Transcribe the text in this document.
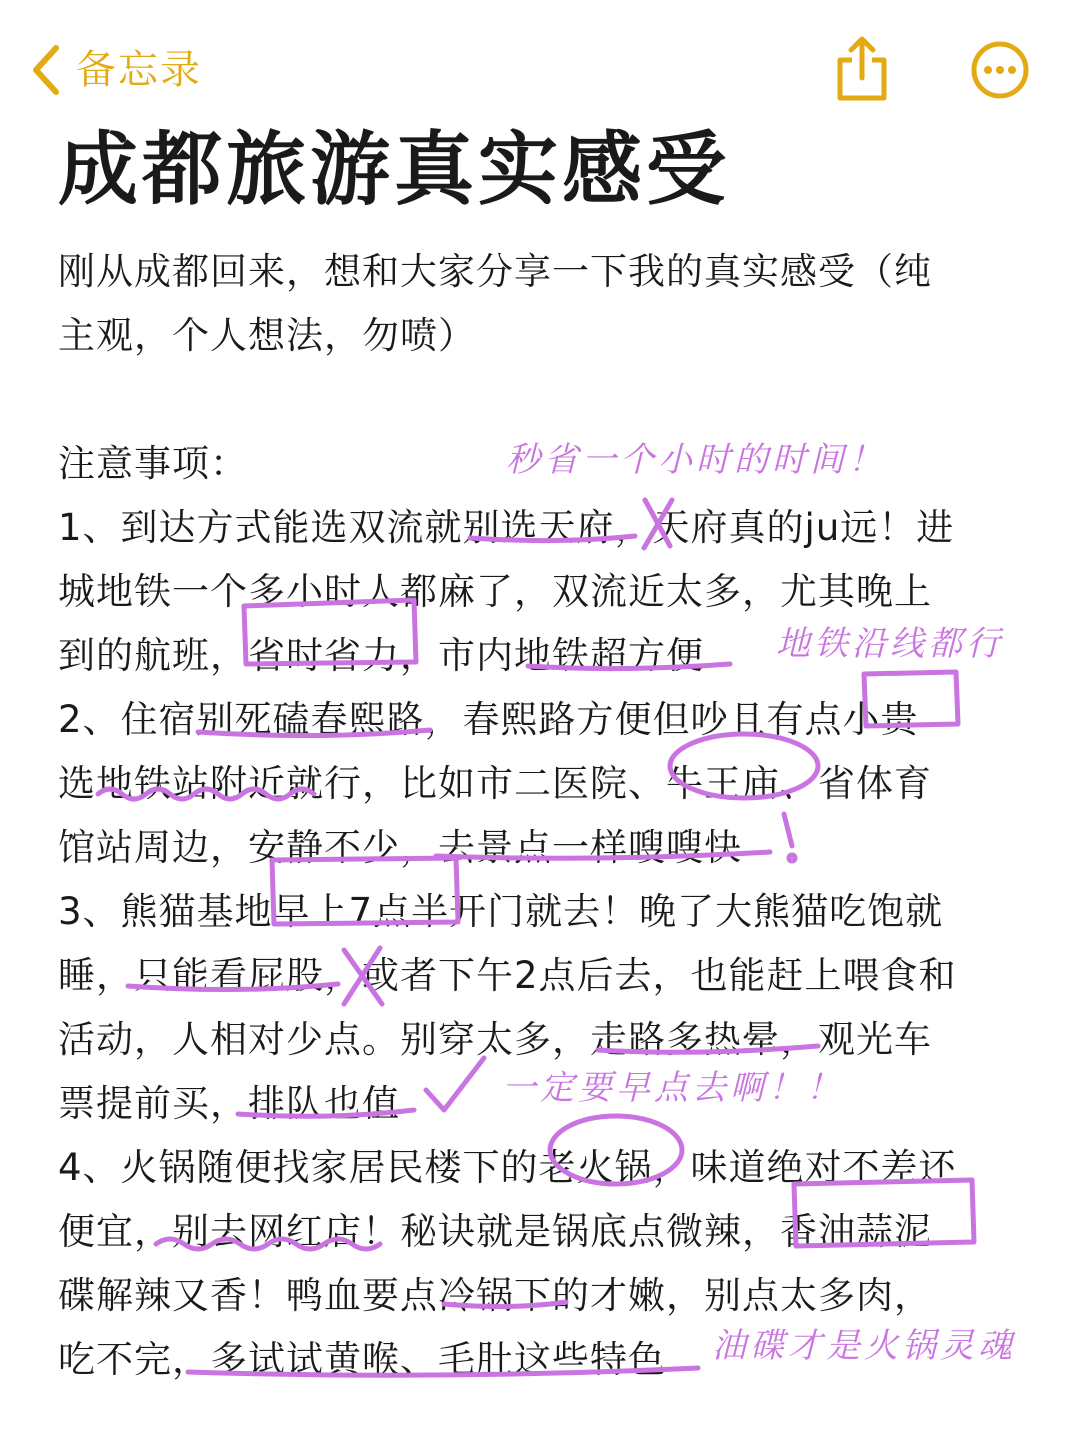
备忘录
成都旅游真实感受

刚从成都回来，想和大家分享一下我的真实感受（纯

主观，个人想法，勿喷）

注意事项：

1、到达方式能选双流就别选天府，天府真的ju远！进

城地铁一个多小时人都麻了，双流近太多，尤其晚上

到的航班，省时省力，市内地铁超方便

2、住宿别死磕春熙路，春熙路方便但吵且有点小贵

选地铁站附近就行，比如市二医院、牛王庙、省体育

馆站周边，安静不少，去景点一样嗖嗖快

3、熊猫基地早上7点半开门就去！晚了大熊猫吃饱就

睡，只能看屁股，或者下午2点后去，也能赶上喂食和

活动，人相对少点。别穿太多，走路多热晕，观光车

票提前买，排队也值

4、火锅随便找家居民楼下的老火锅，味道绝对不差还

便宜，别去网红店！秘诀就是锅底点微辣，香油蒜泥

碟解辣又香！鸭血要点冷锅下的才嫩，别点太多肉，

吃不完，多试试黄喉、毛肚这些特色

秒省一个小时的时间！
地铁沿线都行
一定要早点去啊！！
油碟才是火锅灵魂
